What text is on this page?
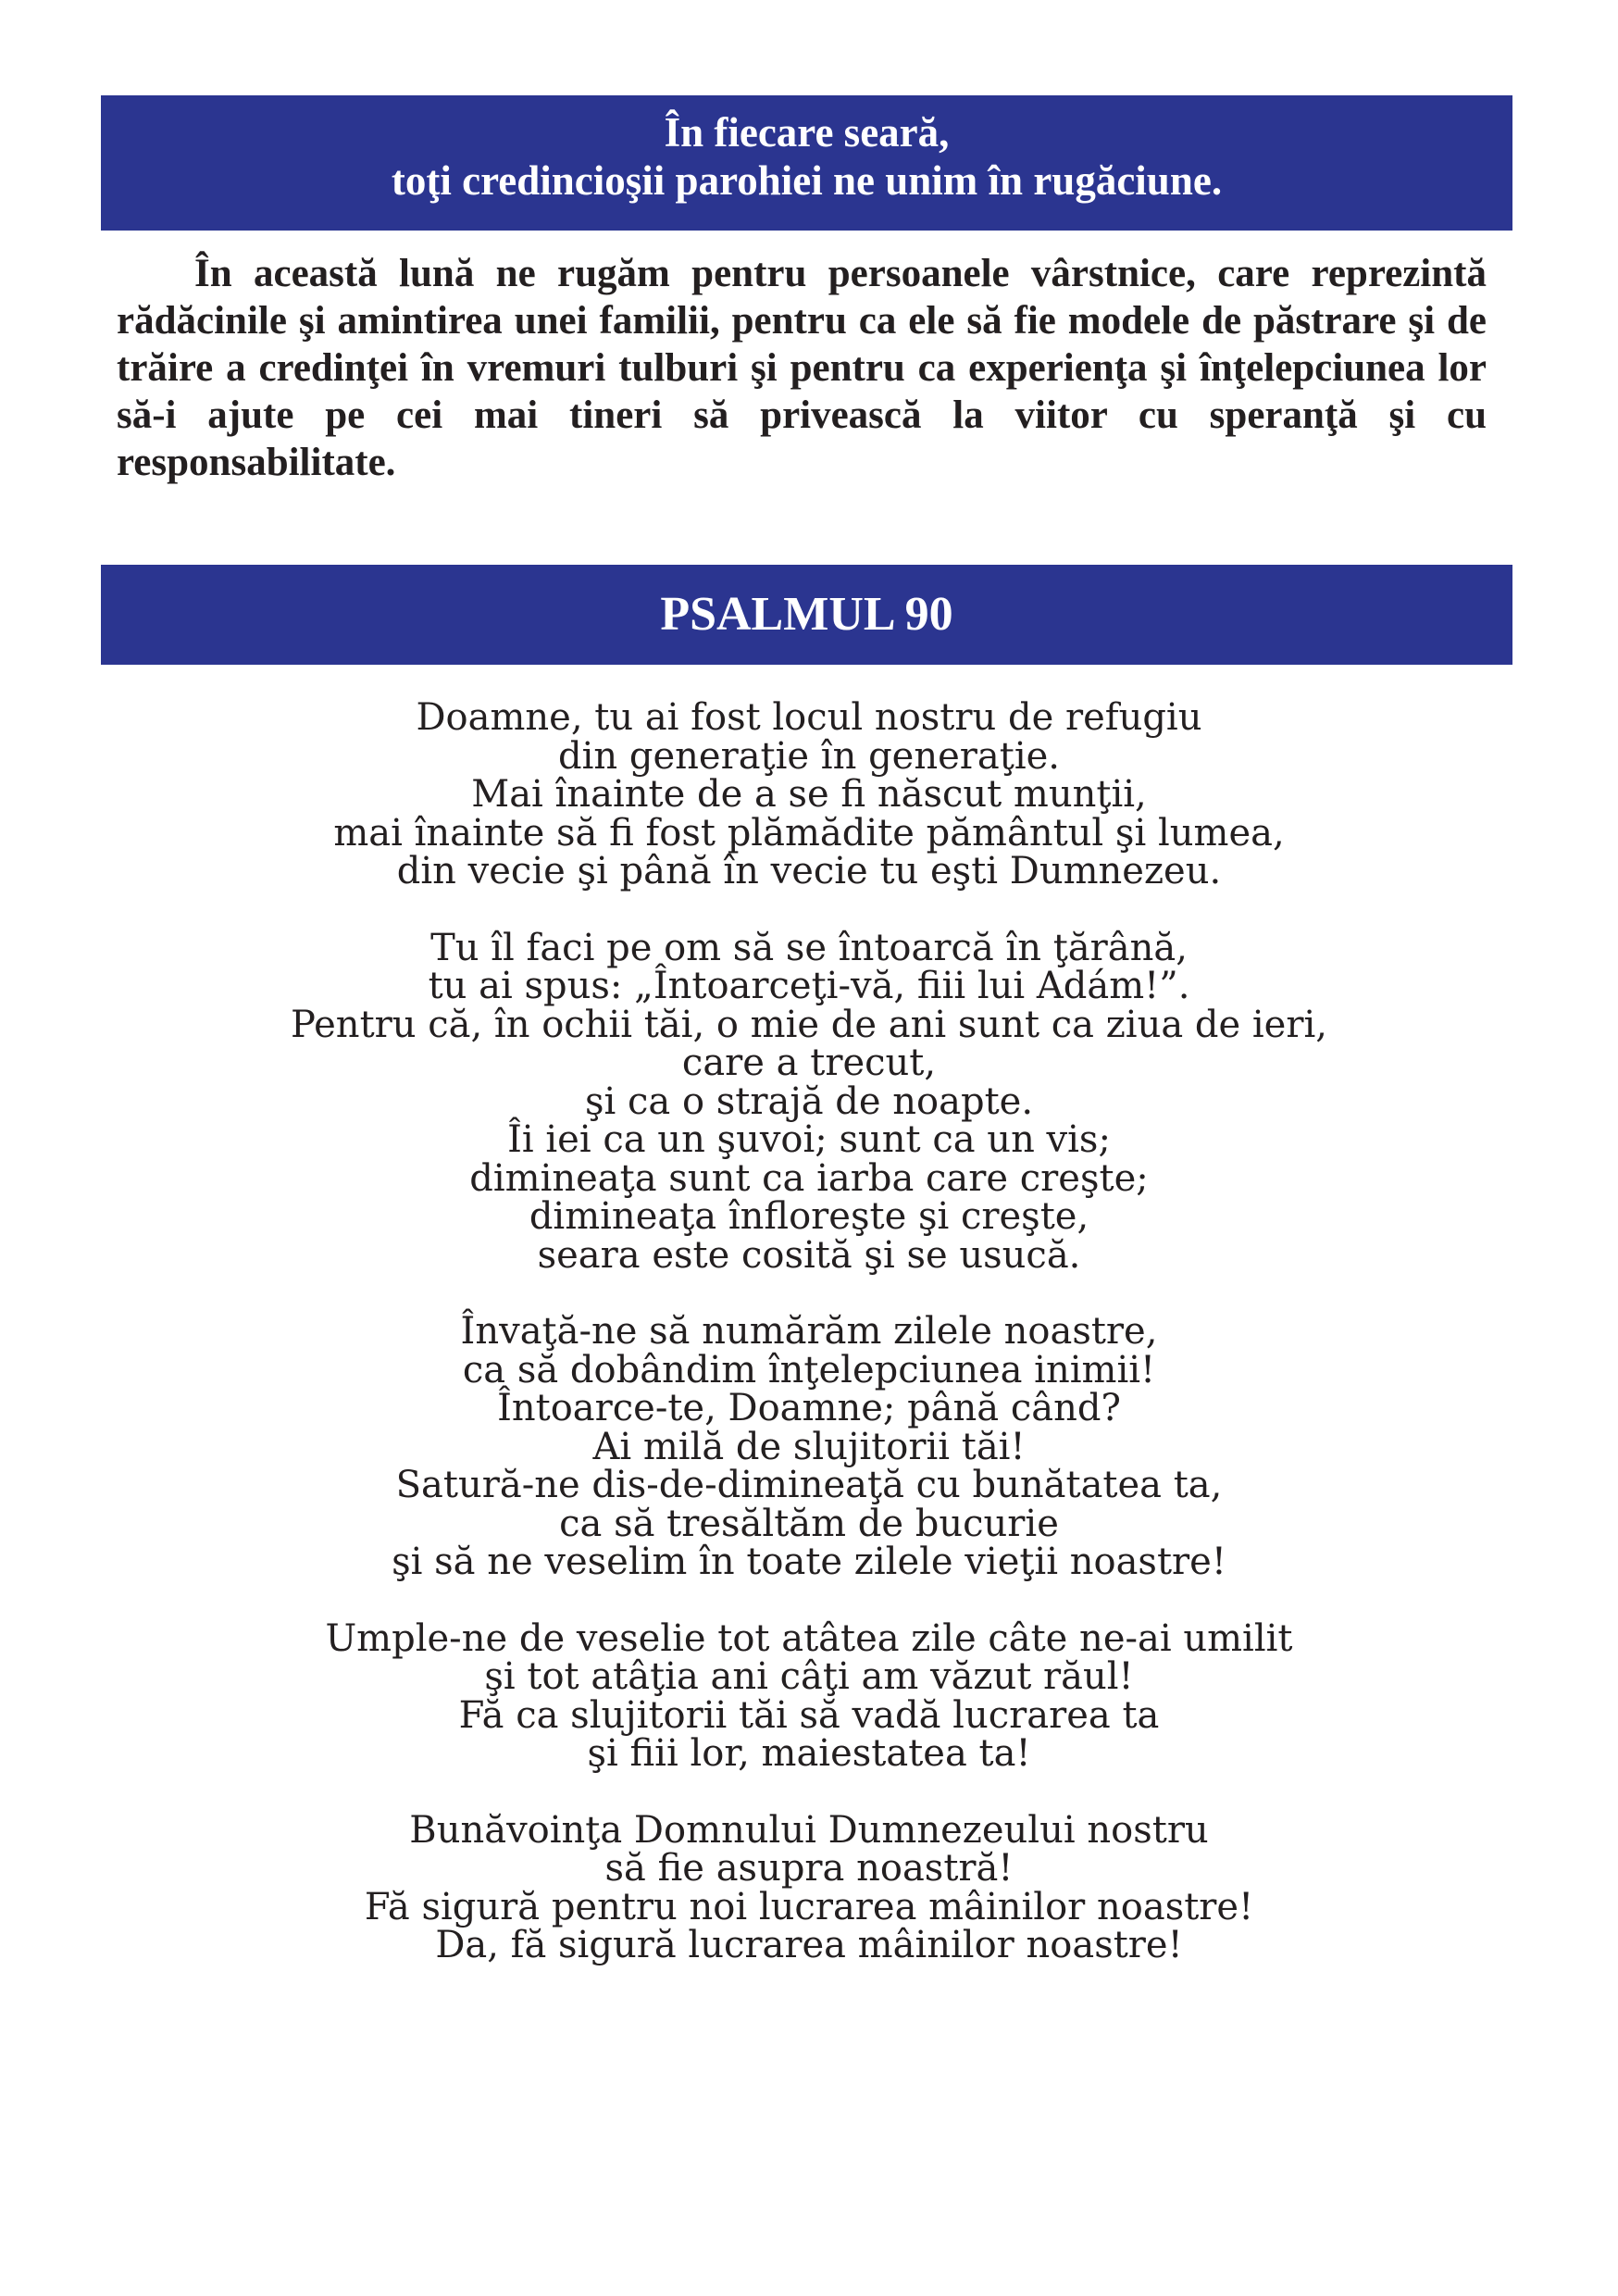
În fiecare seară,
toţi credincioşii parohiei ne unim în rugăciune.

În această lună ne rugăm pentru persoanele vârstnice, care reprezintă rădăcinile şi amintirea unei familii, pentru ca ele să fie modele de păstrare şi de trăire a credinţei în vremuri tulburi şi pentru ca experienţa şi înţelepciunea lor să-i ajute pe cei mai tineri să privească la viitor cu speranţă şi cu responsabilitate.

PSALMUL 90

Doamne, tu ai fost locul nostru de refugiu
din generaţie în generaţie.
Mai înainte de a se fi născut munţii,
mai înainte să fi fost plămădite pământul şi lumea,
din vecie şi până în vecie tu eşti Dumnezeu.

Tu îl faci pe om să se întoarcă în ţărână,
tu ai spus: „Întoarceţi-vă, fiii lui Adám!”.
Pentru că, în ochii tăi, o mie de ani sunt ca ziua de ieri,
care a trecut,
şi ca o strajă de noapte.
Îi iei ca un şuvoi; sunt ca un vis;
dimineaţa sunt ca iarba care creşte;
dimineaţa înfloreşte şi creşte,
seara este cosită şi se usucă.

Învaţă-ne să numărăm zilele noastre,
ca să dobândim înţelepciunea inimii!
Întoarce-te, Doamne; până când?
Ai milă de slujitorii tăi!
Satură-ne dis-de-dimineaţă cu bunătatea ta,
ca să tresăltăm de bucurie
şi să ne veselim în toate zilele vieţii noastre!

Umple-ne de veselie tot atâtea zile câte ne-ai umilit
şi tot atâţia ani câţi am văzut răul!
Fă ca slujitorii tăi să vadă lucrarea ta
şi fiii lor, maiestatea ta!

Bunăvoinţa Domnului Dumnezeului nostru
să fie asupra noastră!
Fă sigură pentru noi lucrarea mâinilor noastre!
Da, fă sigură lucrarea mâinilor noastre!
